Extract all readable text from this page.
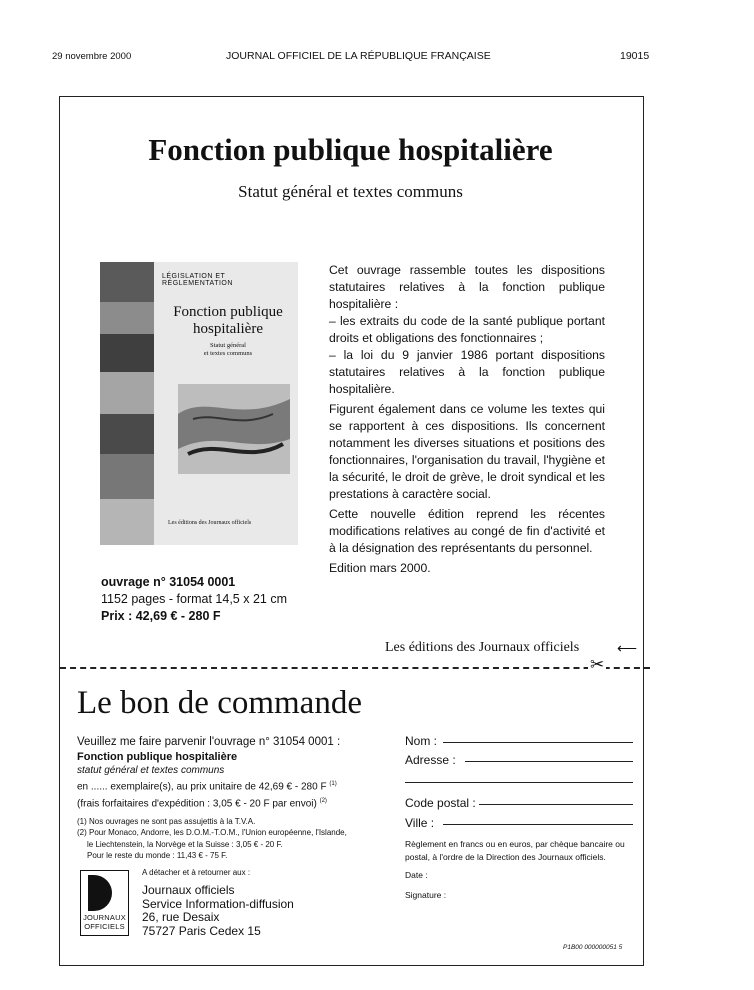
29 novembre 2000	JOURNAL OFFICIEL DE LA RÉPUBLIQUE FRANÇAISE	19015
Fonction publique hospitalière
Statut général et textes communs
LÉGISLATION ET RÉGLEMENTATION
Fonction publique
hospitalière
Statut général
et textes communs
Les éditions des Journaux officiels

Cet ouvrage rassemble toutes les dispositions statutaires relatives à la fonction publique hospitalière :

– les extraits du code de la santé publique portant droits et obligations des fonctionnaires ;

– la loi du 9 janvier 1986 portant dispositions statutaires relatives à la fonction publique hospitalière.

Figurent également dans ce volume les textes qui se rapportent à ces dispositions. Ils concernent notamment les diverses situations et positions des fonctionnaires, l'organisation du travail, l'hygiène et la sécurité, le droit de grève, le droit syndical et les prestations à caractère social.

Cette nouvelle édition reprend les récentes modifications relatives au congé de fin d'activité et à la désignation des représentants du personnel.

Edition mars 2000.

ouvrage n° 31054 0001
1152 pages - format 14,5 x 21 cm
Prix : 42,69 € - 280 F
Les éditions des Journaux officiels	⟵
✂
Le bon de commande
Veuillez me faire parvenir l'ouvrage n° 31054 0001 :
Fonction publique hospitalière
statut général et textes communs
en ...... exemplaire(s), au prix unitaire de 42,69 € - 280 F $^{(1)}$
(frais forfaitaires d'expédition : 3,05 € - 20 F par envoi) $^{(2)}$
(1) Nos ouvrages ne sont pas assujettis à la T.V.A.
(2) Pour Monaco, Andorre, les D.O.M.-T.O.M., l'Union européenne, l'Islande,
le Liechtenstein, la Norvège et la Suisse : 3,05 € - 20 F.
Pour le reste du monde : 11,43 € - 75 F.
JOURNAUX
OFFICIELS
A détacher et à retourner aux :
Journaux officiels
Service Information-diffusion
26, rue Desaix
75727 Paris Cedex 15
Nom :
Adresse :
Code postal :
Ville :
Règlement en francs ou en euros, par chèque bancaire ou postal, à l'ordre de la Direction des Journaux officiels.
Date :
Signature :
P1B00 000000051 5
